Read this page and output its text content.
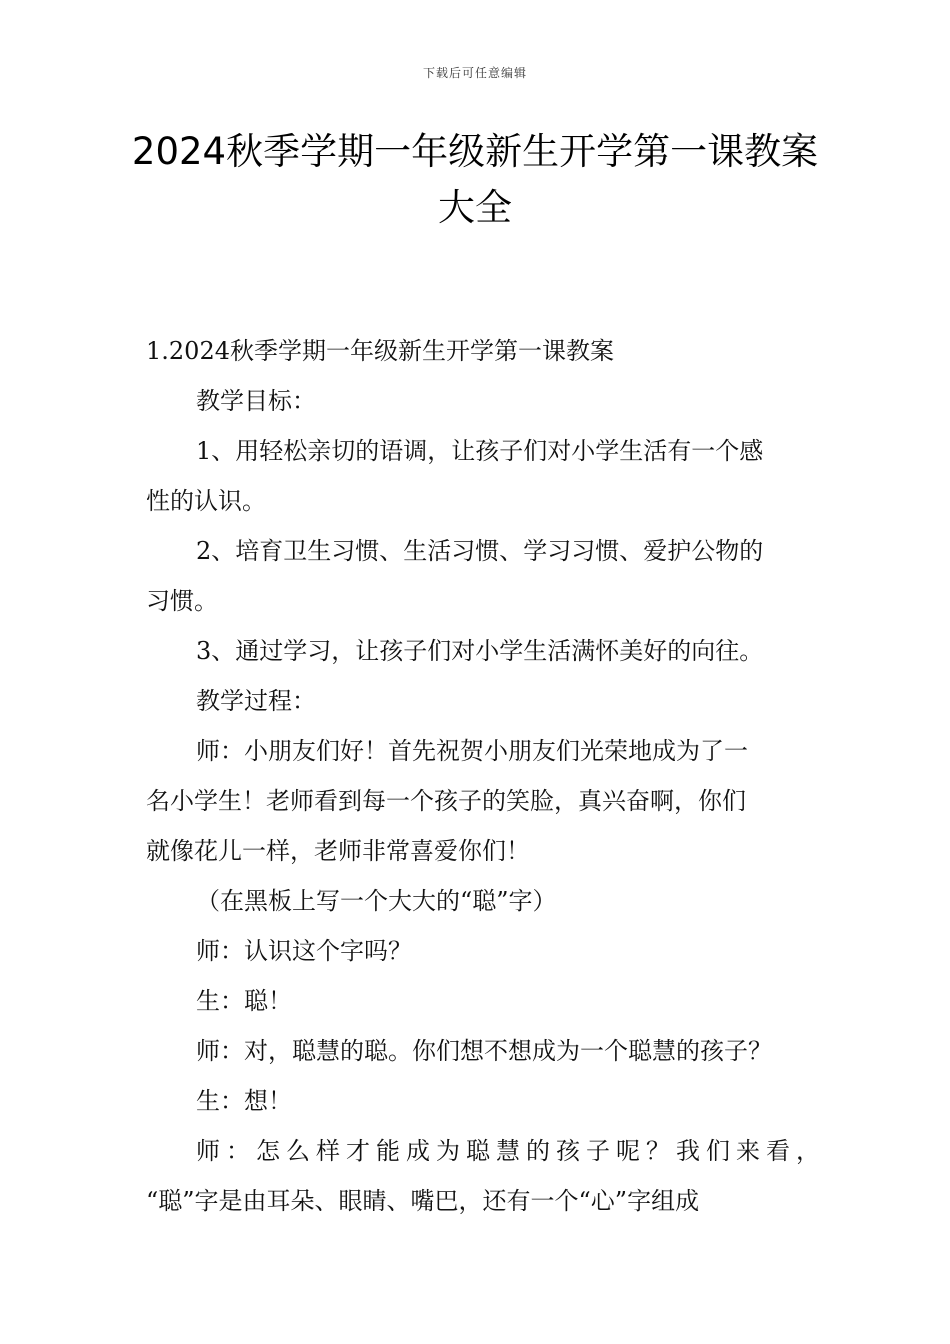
下载后可任意编辑
2024秋季学期一年级新生开学第一课教案
大全

1.2024秋季学期一年级新生开学第一课教案

教学目标：

1、用轻松亲切的语调，让孩子们对小学生活有一个感

性的认识。

2、培育卫生习惯、生活习惯、学习习惯、爱护公物的

习惯。

3、通过学习，让孩子们对小学生活满怀美好的向往。

教学过程：

师：小朋友们好！首先祝贺小朋友们光荣地成为了一

名小学生！老师看到每一个孩子的笑脸，真兴奋啊，你们

就像花儿一样，老师非常喜爱你们！

（在黑板上写一个大大的“聪”字）

师：认识这个字吗？

生：聪！

师：对，聪慧的聪。你们想不想成为一个聪慧的孩子？

生：想！

师：怎么样才能成为聪慧的孩子呢？我们来看，

“聪”字是由耳朵、眼睛、嘴巴，还有一个“心”字组成
